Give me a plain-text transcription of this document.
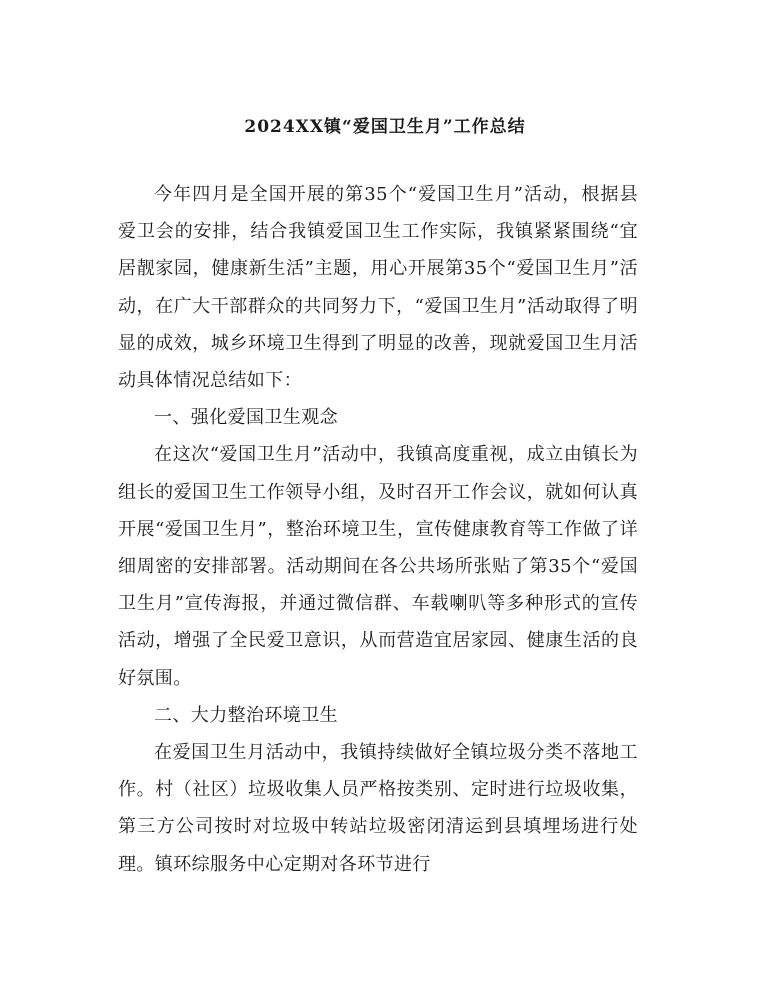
2024XX镇“爱国卫生月”工作总结

今年四月是全国开展的第35个“爱国卫生月”活动，根据县爱卫会的安排，结合我镇爱国卫生工作实际，我镇紧紧围绕“宜居靓家园，健康新生活”主题，用心开展第35个“爱国卫生月”活动，在广大干部群众的共同努力下，“爱国卫生月”活动取得了明显的成效，城乡环境卫生得到了明显的改善，现就爱国卫生月活动具体情况总结如下：

一、强化爱国卫生观念

在这次“爱国卫生月”活动中，我镇高度重视，成立由镇长为组长的爱国卫生工作领导小组，及时召开工作会议，就如何认真开展“爱国卫生月”，整治环境卫生，宣传健康教育等工作做了详细周密的安排部署。活动期间在各公共场所张贴了第35个“爱国卫生月”宣传海报，并通过微信群、车载喇叭等多种形式的宣传活动，增强了全民爱卫意识，从而营造宜居家园、健康生活的良好氛围。

二、大力整治环境卫生

在爱国卫生月活动中，我镇持续做好全镇垃圾分类不落地工作。村（社区）垃圾收集人员严格按类别、定时进行垃圾收集，第三方公司按时对垃圾中转站垃圾密闭清运到县填埋场进行处理。镇环综服务中心定期对各环节进行
